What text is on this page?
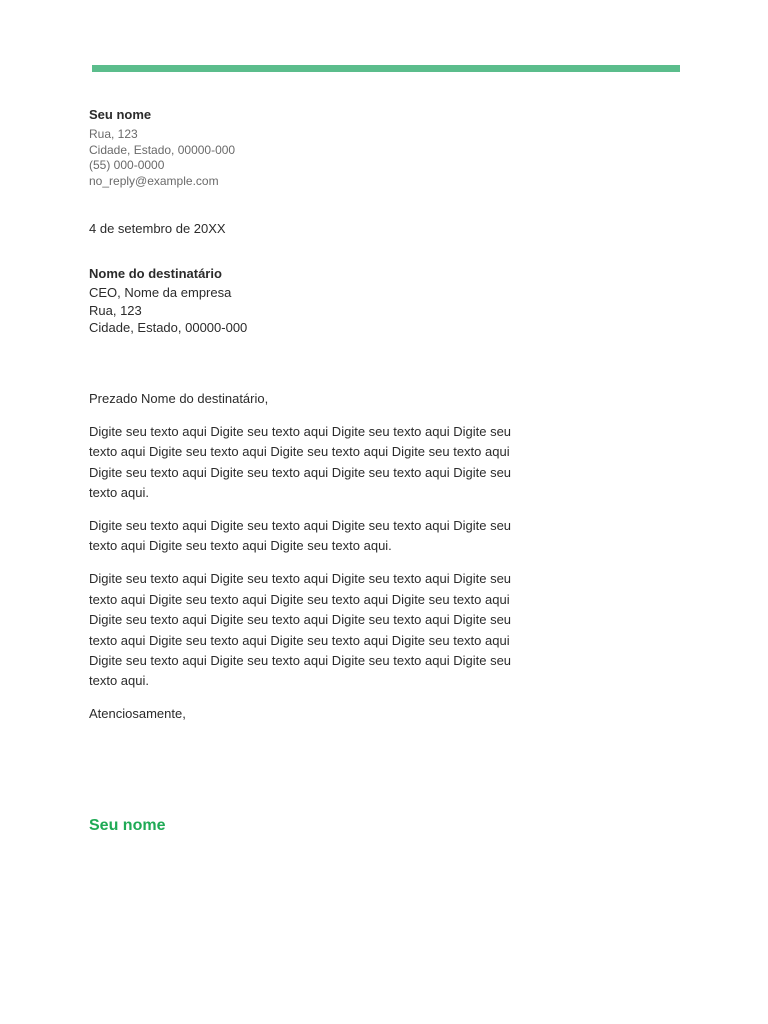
Seu nome
Rua, 123
Cidade, Estado, 00000-000
(55) 000-0000
no_reply@example.com
4 de setembro de 20XX
Nome do destinatário
CEO, Nome da empresa
Rua, 123
Cidade, Estado, 00000-000

Prezado Nome do destinatário,

Digite seu texto aqui Digite seu texto aqui Digite seu texto aqui Digite seu texto aqui Digite seu texto aqui Digite seu texto aqui Digite seu texto aqui Digite seu texto aqui Digite seu texto aqui Digite seu texto aqui Digite seu texto aqui.

Digite seu texto aqui Digite seu texto aqui Digite seu texto aqui Digite seu texto aqui Digite seu texto aqui Digite seu texto aqui.

Digite seu texto aqui Digite seu texto aqui Digite seu texto aqui Digite seu texto aqui Digite seu texto aqui Digite seu texto aqui Digite seu texto aqui Digite seu texto aqui Digite seu texto aqui Digite seu texto aqui Digite seu texto aqui Digite seu texto aqui Digite seu texto aqui Digite seu texto aqui Digite seu texto aqui Digite seu texto aqui Digite seu texto aqui Digite seu texto aqui.

Atenciosamente,

Seu nome
